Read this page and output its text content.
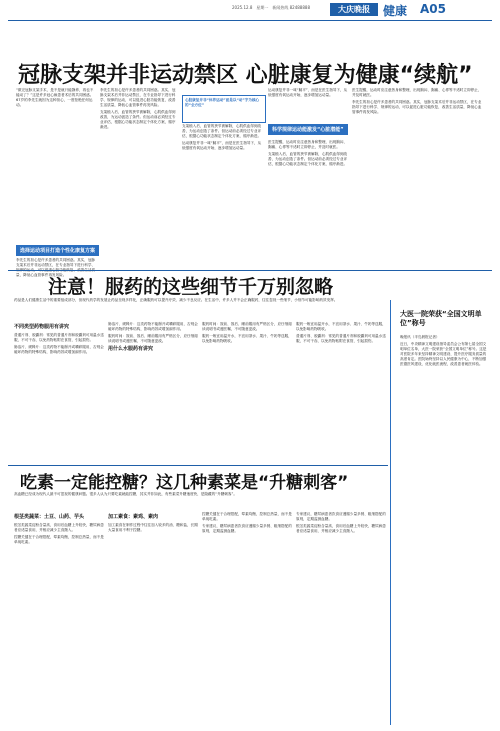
2025.12.8　星期一　新闻热线 82488888	大庆晚报	健康 A05
冠脉支架并非运动禁区 心脏康复为健康“续航”

“做完冠脉支架手术，是不是就只能静养，再也不能动了？”这是许多冠心病患者术后的共同困惑。67岁的李先生就因为这种担心，一度拒绝任何运动。

选择运动项目打造个性化康复方案

李先生的担心是许多患者的共同困惑。其实，冠脉支架术后并非运动禁区，在专业指导下进行科学、 量，降低心血管事件再发风险。

李先生的担心是许多患者的共同困惑。其实，冠脉支架术后并非运动禁区，在专业指导下进行科学、规律的运动，可以促进心脏功能恢复，改善生活质量，降低心血管事件再发风险。

支架植入后，血管的狭窄被解除，心肌供血得到改善，为运动创造了条件。但运动前必须经过专业评估，根据心功能状态制定个体化方案，循序渐进。

心脏康复并非“休养运动”而是以“动”字为核心的“全方位”

支架植入后，血管的狭窄被解除，心肌供血得到改善，为运动创造了条件。但运动前必须经过专业评估，根据心功能状态制定个体化方案，循序渐进。

运动康复并非一味“躺平”，而是在医生指导下，从低强度有氧运动开始，逐步增加运动量。

科学规律运动能激发“心脏潜能”

运动康复并非一味“躺平”，而是在医生指导下，从低强度有氧运动开始，逐步增加运动量。

医生提醒，运动时应注意热身和整理，出现胸闷、胸痛、心悸等不适时立即停止，并及时就医。

支架植入后，血管的狭窄被解除，心肌供血得到改善，为运动创造了条件。但运动前必须经过专业评估，根据心功能状态制定个体化方案，循序渐进。

医生提醒，运动时应注意热身和整理，出现胸闷、胸痛、心悸等不适时立即停止，并及时就医。

李先生的担心是许多患者的共同困惑。其实，冠脉支架术后并非运动禁区，在专业指导下进行科学、规律的运动，可以促进心脏功能恢复，改善生活质量，降低心血管事件再发风险。

注意！服药的这些细节千万别忽略

药品是人们健康生活中的重要组成部分，但现代药学的发展让药品呈现多样化，正确服药可以提升疗效、减少不良反应。在生活中，许多人并不会正确服药，往往忽视一些细节，小细节可能影响药效发挥。

不同类型药物服用有讲究

普通片剂、胶囊剂：常见的普通片剂和胶囊剂可用温水送服，不可干吞，以免药物粘附在食管，引起损伤。

肠溶片、缓释片：这类药物不能掰开或嚼碎服用，否则会破坏药物的特殊结构，影响药效或增加副作用。

肠溶片、缓释片：这类药物不能掰开或嚼碎服用，否则会破坏药物的特殊结构，影响药效或增加副作用。

服药时间：饭前、饭后、睡前服用有严格区分，应仔细阅读说明书或遵医嘱，不可随意更改。

用什么水服药有讲究

服药时间：饭前、饭后、睡前服用有严格区分，应仔细阅读说明书或遵医嘱，不可随意更改。

服药一般宜用温开水，不宜用茶水、果汁、牛奶等送服，以免影响药物吸收。

服药一般宜用温开水，不宜用茶水、果汁、牛奶等送服，以免影响药物吸收。

普通片剂、胶囊剂：常见的普通片剂和胶囊剂可用温水送服，不可干吞，以免药物粘附在食管，引起损伤。

吃素一定能控糖？这几种素菜是“升糖刺客”

高血糖已经成为现代人最不可忽视的健康问题。很多人认为只要吃素就能控糖，其实并非如此，有些素菜升糖速度快，是隐藏的“升糖刺客”。

根茎类蔬菜：土豆、山药、芋头

根茎类蔬菜淀粉含量高，食用后血糖上升较快，糖尿病患者应适量食用，并相应减少主食摄入。

控糖关键在于合理搭配，荤素均衡，控制总热量，而不是单纯吃素。

加工素食：素鸡、素肉

加工素食在制作过程中往往加入较多的油、糖和盐，长期大量食用不利于控糖。

控糖关键在于合理搭配，荤素均衡，控制总热量，而不是单纯吃素。

专家建议，糖尿病患者饮食应遵循少量多餐、粗细搭配的原则，定期监测血糖。

专家建议，糖尿病患者饮食应遵循少量多餐、粗细搭配的原则，定期监测血糖。

根茎类蔬菜淀粉含量高，食用后血糖上升较快，糖尿病患者应适量食用，并相应减少主食摄入。

大医一院荣获“全国文明单位”称号

晚报讯（半岛晨报记者）

近日，中央精神文明建设指导委员会公布第七届全国文明单位名单，大医一院荣获“全国文明单位”称号。这是对医院多年来坚持精神文明建设、提升医疗服务质量的高度肯定。医院始终坚持以人民健康为中心，不断加强医德医风建设，优化就医流程，改善患者就医体验。
